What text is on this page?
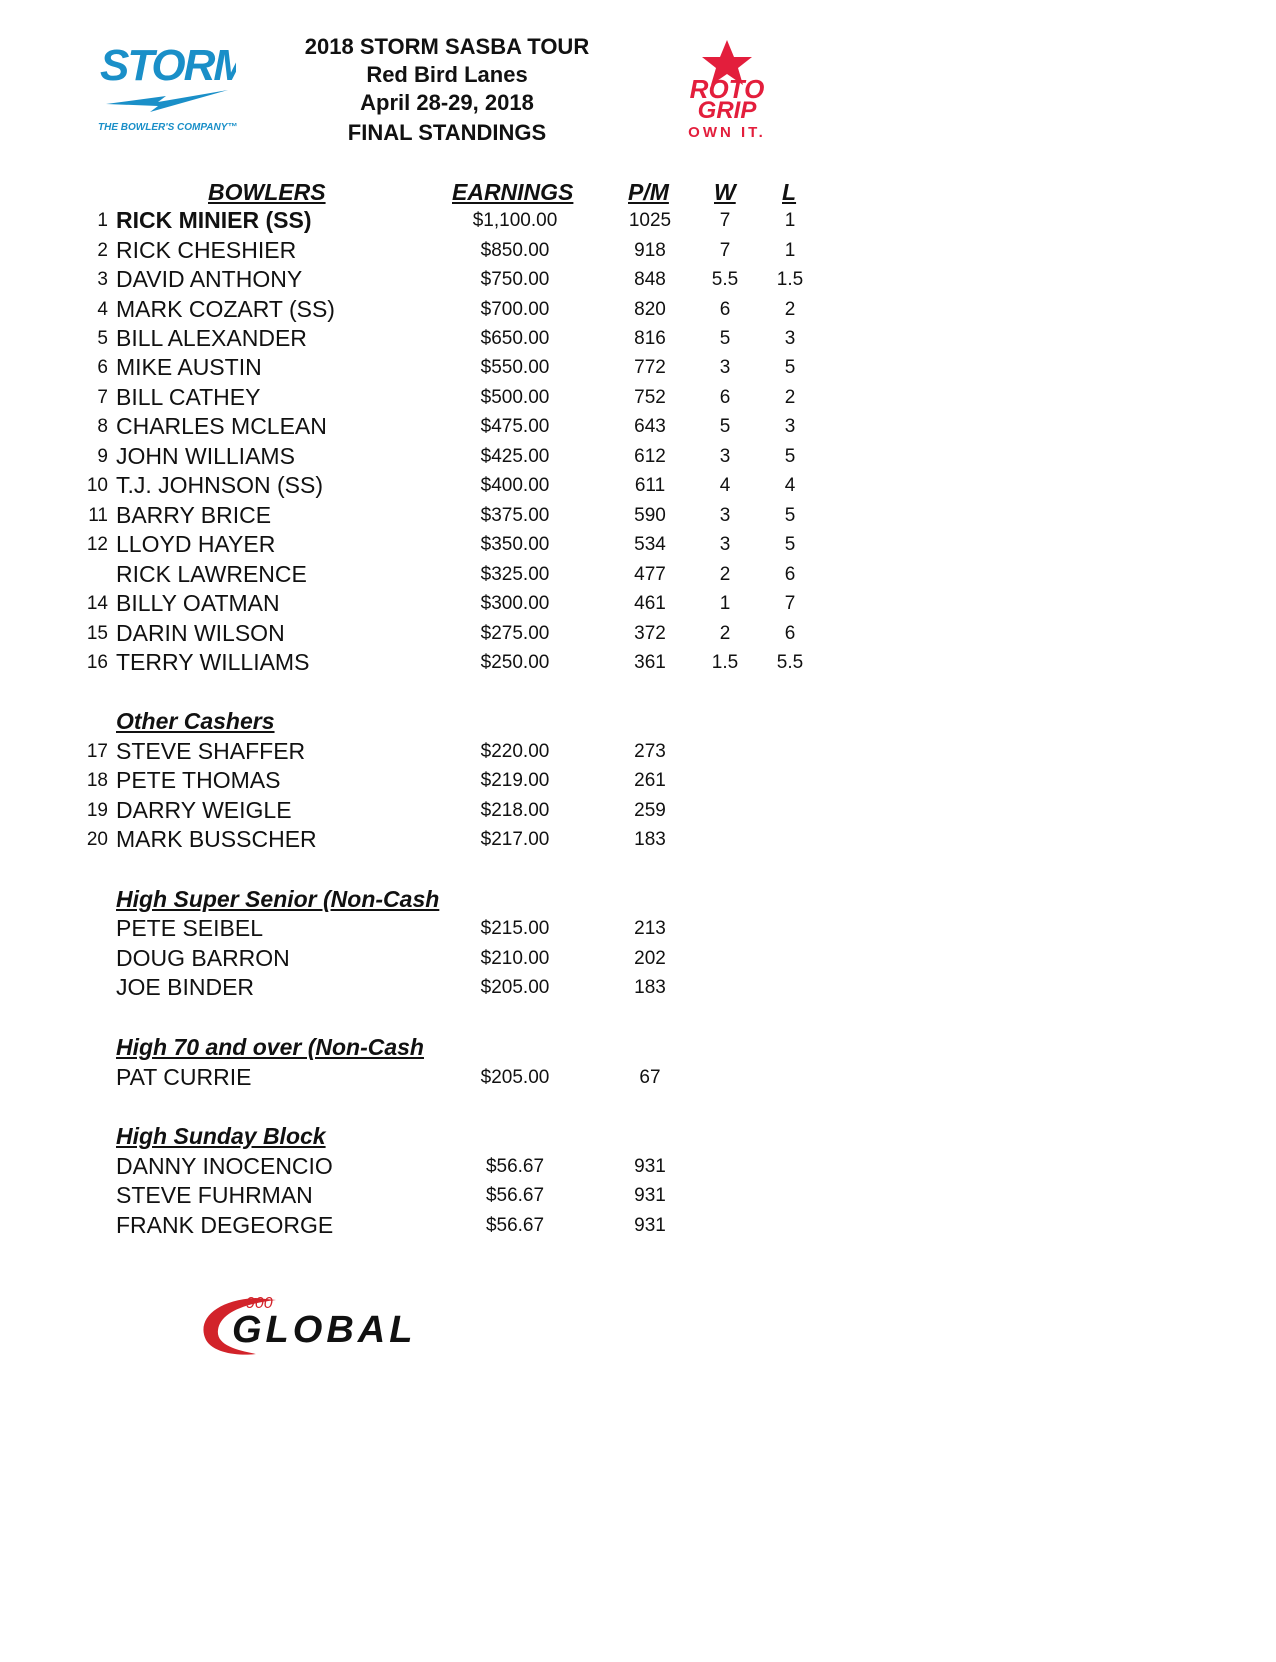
STORM
THE BOWLER'S COMPANY™
ROTO
GRIP
OWN IT.
2018 STORM SASBA TOUR
Red Bird Lanes
April 28-29, 2018
FINAL STANDINGS
BOWLERS	EARNINGS P/M W L
1 RICK MINIER (SS)	$1,100.00	1025	7	1
2 RICK CHESHIER	$850.00	918	7	1
3 DAVID ANTHONY	$750.00	848	5.5	1.5
4 MARK COZART (SS)	$700.00	820	6	2
5 BILL ALEXANDER	$650.00	816	5	3
6 MIKE AUSTIN	$550.00	772	3	5
7 BILL CATHEY	$500.00	752	6	2
8 CHARLES MCLEAN	$475.00	643	5	3
9 JOHN WILLIAMS	$425.00	612	3	5
10 T.J. JOHNSON (SS)	$400.00	611	4	4
11 BARRY BRICE	$375.00	590	3	5
12 LLOYD HAYER	$350.00	534	3	5
RICK LAWRENCE	$325.00	477	2	6
14 BILLY OATMAN	$300.00	461	1	7
15 DARIN WILSON	$275.00	372	2	6
16 TERRY WILLIAMS	$250.00	361	1.5	5.5
Other Cashers
17 STEVE SHAFFER	$220.00	273
18 PETE THOMAS	$219.00	261
19 DARRY WEIGLE	$218.00	259
20 MARK BUSSCHER	$217.00	183
High Super Senior (Non-Cash
PETE SEIBEL	$215.00	213
DOUG BARRON	$210.00	202
JOE BINDER	$205.00	183
High 70 and over (Non-Cash
PAT CURRIE	$205.00	67
High Sunday Block
DANNY INOCENCIO	$56.67	931
STEVE FUHRMAN	$56.67	931
FRANK DEGEORGE	$56.67	931
900
GLOBAL
